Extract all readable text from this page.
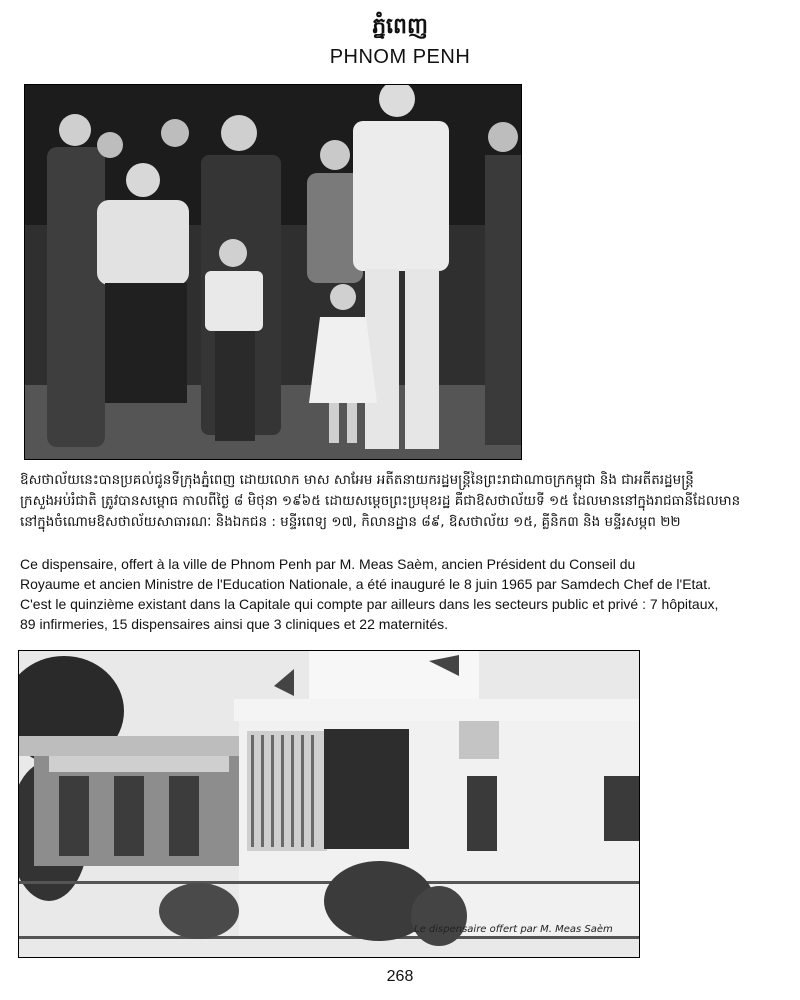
ភ្នំពេញ
PHNOM PENH
ឱសថាល័យនេះបានប្រគល់ជូនទីក្រុងភ្នំពេញ ដោយលោក មាស សាអែម អតីតនាយករដ្ឋមន្ត្រីនៃព្រះរាជាណាចក្រកម្ពុជា និង ជាអតីតរដ្ឋមន្ត្រី
ក្រសួងអប់រំជាតិ ត្រូវបានសម្ពោធ កាលពីថ្ងៃ ៨ មិថុនា ១៩៦៥ ដោយសម្តេចព្រះប្រមុខរដ្ឋ គឺជាឱសថាល័យទី ១៥ ដែលមាននៅក្នុងរាជធានីដែលមាន
នៅក្នុងចំណោមឱសថាល័យសាធារណៈ និងឯកជន : មន្ទីរពេទ្យ ១៧, កិលានដ្ឋាន ៨៩, ឱសថាល័យ ១៥, គ្លីនិក៣ និង មន្ទីរសម្ភព ២២

Ce dispensaire, offert à la ville de Phnom Penh par M. Meas Saèm, ancien Président du Conseil du

Royaume et ancien Ministre de l'Education Nationale, a été inauguré le 8 juin 1965 par Samdech Chef de l'Etat.

C'est le quinzième existant dans la Capitale qui compte par ailleurs dans les secteurs public et privé : 7 hôpitaux,

89 infirmeries, 15 dispensaires ainsi que 3 cliniques et 22 maternités.

Le dispensaire offert par M. Meas Saèm
268
